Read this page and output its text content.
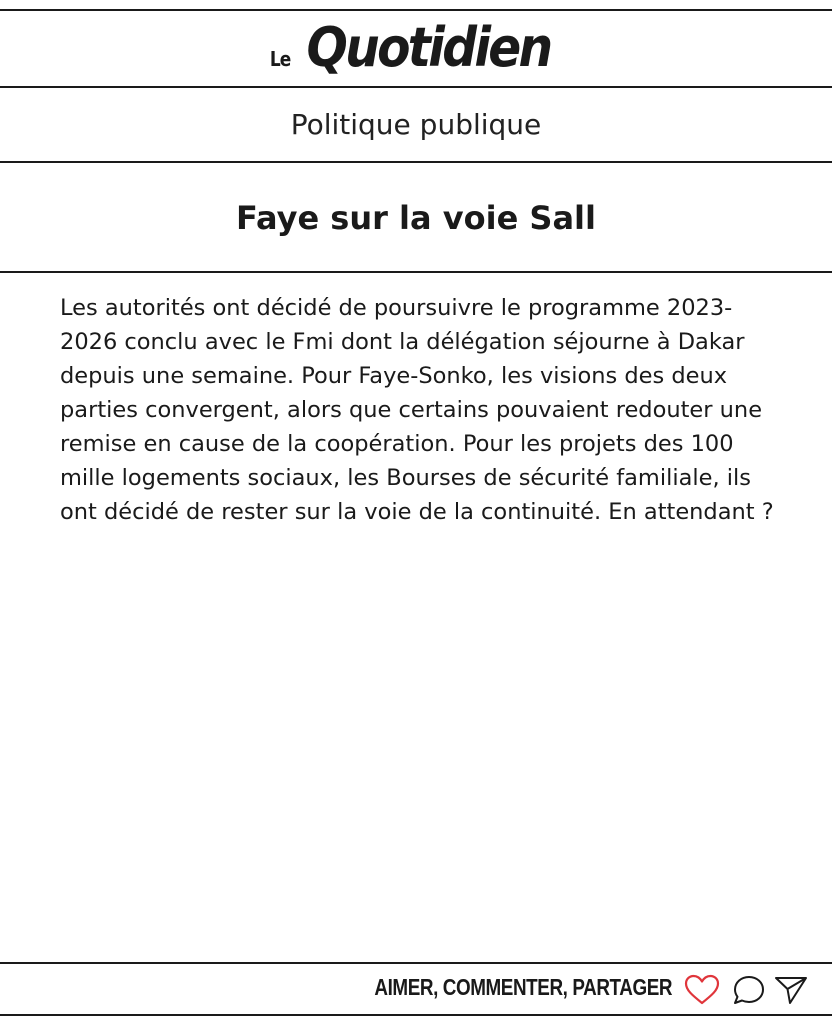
Le Quotidien
Politique publique
Faye sur la voie Sall
Les autorités ont décidé de poursuivre le programme 2023-2026 conclu avec le Fmi dont la délégation séjourne à Dakar depuis une semaine. Pour Faye-Sonko, les visions des deux parties convergent, alors que certains pouvaient redouter une remise en cause de la coopération. Pour les projets des 100 mille logements sociaux, les Bourses de sécurité familiale, ils ont décidé de rester sur la voie de la continuité. En attendant ?
AIMER, COMMENTER, PARTAGER
